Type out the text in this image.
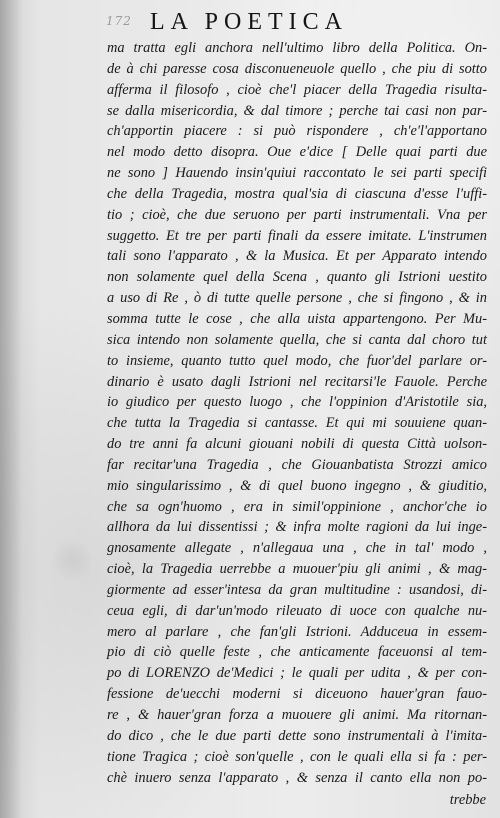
172 LA POETICA
ma tratta egli anchora nell'ultimo libro della Politica. On-
de à chi paresse cosa disconueneuole quello , che piu di sotto
afferma il filosofo , cioè che'l piacer della Tragedia risulta-
se dalla misericordia, & dal timore ; perche tai casi non par-
ch'apportin piacere : si può rispondere , ch'e'l'apportano
nel modo detto disopra. Oue e'dice [ Delle quai parti due
ne sono ] Hauendo insin'quiui raccontato le sei parti specifi
che della Tragedia, mostra qual'sia di ciascuna d'esse l'uffi-
tio ; cioè, che due seruono per parti instrumentali. Vna per
suggetto. Et tre per parti finali da essere imitate. L'instrumen
tali sono l'apparato , & la Musica. Et per Apparato intendo
non solamente quel della Scena , quanto gli Istrioni uestito
a uso di Re , ò di tutte quelle persone , che si fingono , & in
somma tutte le cose , che alla uista appartengono. Per Mu-
sica intendo non solamente quella, che si canta dal choro tut
to insieme, quanto tutto quel modo, che fuor'del parlare or-
dinario è usato dagli Istrioni nel recitarsi'le Fauole. Perche
io giudico per questo luogo , che l'oppinion d'Aristotile sia,
che tutta la Tragedia si cantasse. Et qui mi souuiene quan-
do tre anni fa alcuni giouani nobili di questa Città uolson-
far recitar'una Tragedia , che Giouanbatista Strozzi amico
mio singularissimo , & di quel buono ingegno , & giuditio,
che sa ogn'huomo , era in simil'oppinione , anchor'che io
allhora da lui dissentissi ; & infra molte ragioni da lui inge-
gnosamente allegate , n'allegaua una , che in tal' modo ,
cioè, la Tragedia uerrebbe a muouer'piu gli animi , & mag-
giormente ad esser'intesa da gran multitudine : usandosi, di-
ceua egli, di dar'un'modo rileuato di uoce con qualche nu-
mero al parlare , che fan'gli Istrioni. Adduceua in essem-
pio di ciò quelle feste , che anticamente faceuonsi al tem-
po di LORENZO de'Medici ; le quali per udita , & per con-
fessione de'uecchi moderni si diceuono hauer'gran fauo-
re , & hauer'gran forza a muouere gli animi. Ma ritornan-
do dico , che le due parti dette sono instrumentali à l'imita-
tione Tragica ; cioè son'quelle , con le quali ella si fa : per-
chè inuero senza l'apparato , & senza il canto ella non po-
trebbe
